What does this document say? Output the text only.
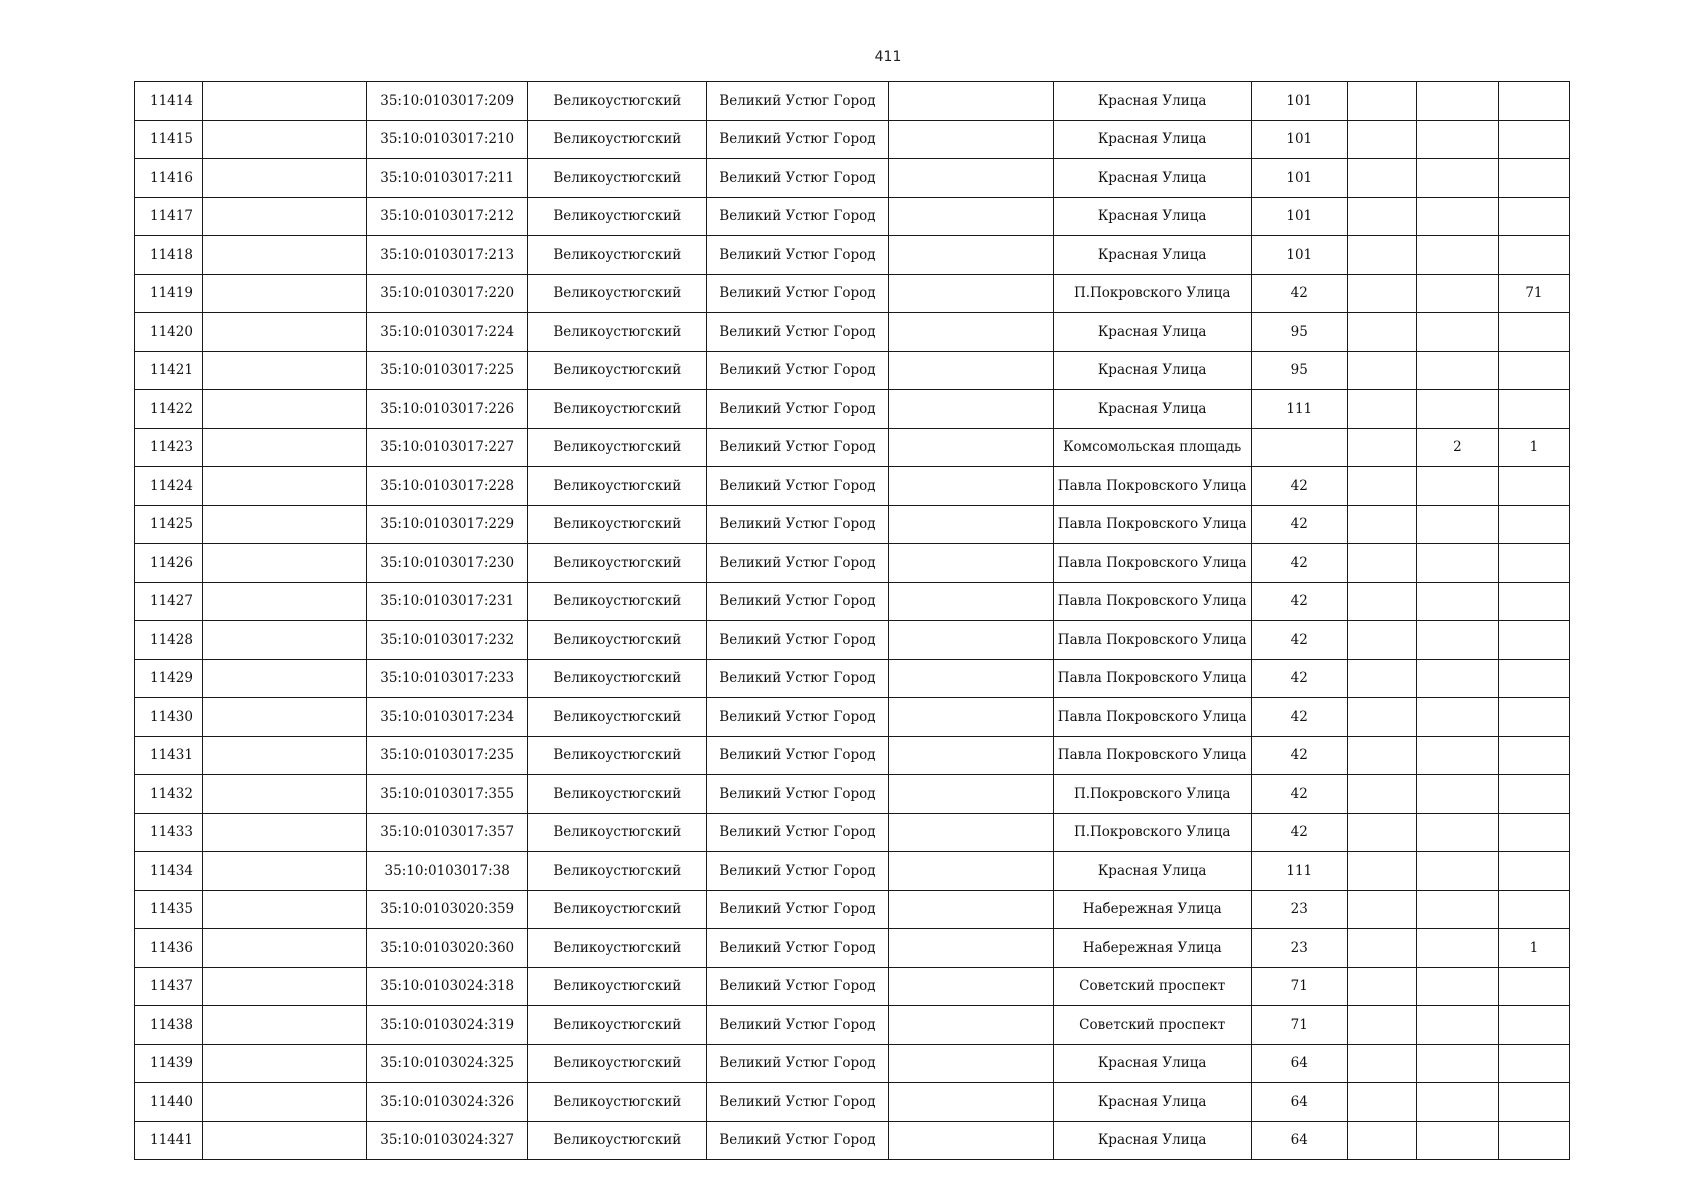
411
11414		35:10:0103017:209	Великоустюгский	Великий Устюг Город		Красная Улица	101			
11415		35:10:0103017:210	Великоустюгский	Великий Устюг Город		Красная Улица	101			
11416		35:10:0103017:211	Великоустюгский	Великий Устюг Город		Красная Улица	101			
11417		35:10:0103017:212	Великоустюгский	Великий Устюг Город		Красная Улица	101			
11418		35:10:0103017:213	Великоустюгский	Великий Устюг Город		Красная Улица	101			
11419		35:10:0103017:220	Великоустюгский	Великий Устюг Город		П.Покровского Улица	42			71
11420		35:10:0103017:224	Великоустюгский	Великий Устюг Город		Красная Улица	95			
11421		35:10:0103017:225	Великоустюгский	Великий Устюг Город		Красная Улица	95			
11422		35:10:0103017:226	Великоустюгский	Великий Устюг Город		Красная Улица	111			
11423		35:10:0103017:227	Великоустюгский	Великий Устюг Город		Комсомольская площадь			2	1
11424		35:10:0103017:228	Великоустюгский	Великий Устюг Город		Павла Покровского Улица	42			
11425		35:10:0103017:229	Великоустюгский	Великий Устюг Город		Павла Покровского Улица	42			
11426		35:10:0103017:230	Великоустюгский	Великий Устюг Город		Павла Покровского Улица	42			
11427		35:10:0103017:231	Великоустюгский	Великий Устюг Город		Павла Покровского Улица	42			
11428		35:10:0103017:232	Великоустюгский	Великий Устюг Город		Павла Покровского Улица	42			
11429		35:10:0103017:233	Великоустюгский	Великий Устюг Город		Павла Покровского Улица	42			
11430		35:10:0103017:234	Великоустюгский	Великий Устюг Город		Павла Покровского Улица	42			
11431		35:10:0103017:235	Великоустюгский	Великий Устюг Город		Павла Покровского Улица	42			
11432		35:10:0103017:355	Великоустюгский	Великий Устюг Город		П.Покровского Улица	42			
11433		35:10:0103017:357	Великоустюгский	Великий Устюг Город		П.Покровского Улица	42			
11434		35:10:0103017:38	Великоустюгский	Великий Устюг Город		Красная Улица	111			
11435		35:10:0103020:359	Великоустюгский	Великий Устюг Город		Набережная Улица	23			
11436		35:10:0103020:360	Великоустюгский	Великий Устюг Город		Набережная Улица	23			1
11437		35:10:0103024:318	Великоустюгский	Великий Устюг Город		Советский проспект	71			
11438		35:10:0103024:319	Великоустюгский	Великий Устюг Город		Советский проспект	71			
11439		35:10:0103024:325	Великоустюгский	Великий Устюг Город		Красная Улица	64			
11440		35:10:0103024:326	Великоустюгский	Великий Устюг Город		Красная Улица	64			
11441		35:10:0103024:327	Великоустюгский	Великий Устюг Город		Красная Улица	64			
